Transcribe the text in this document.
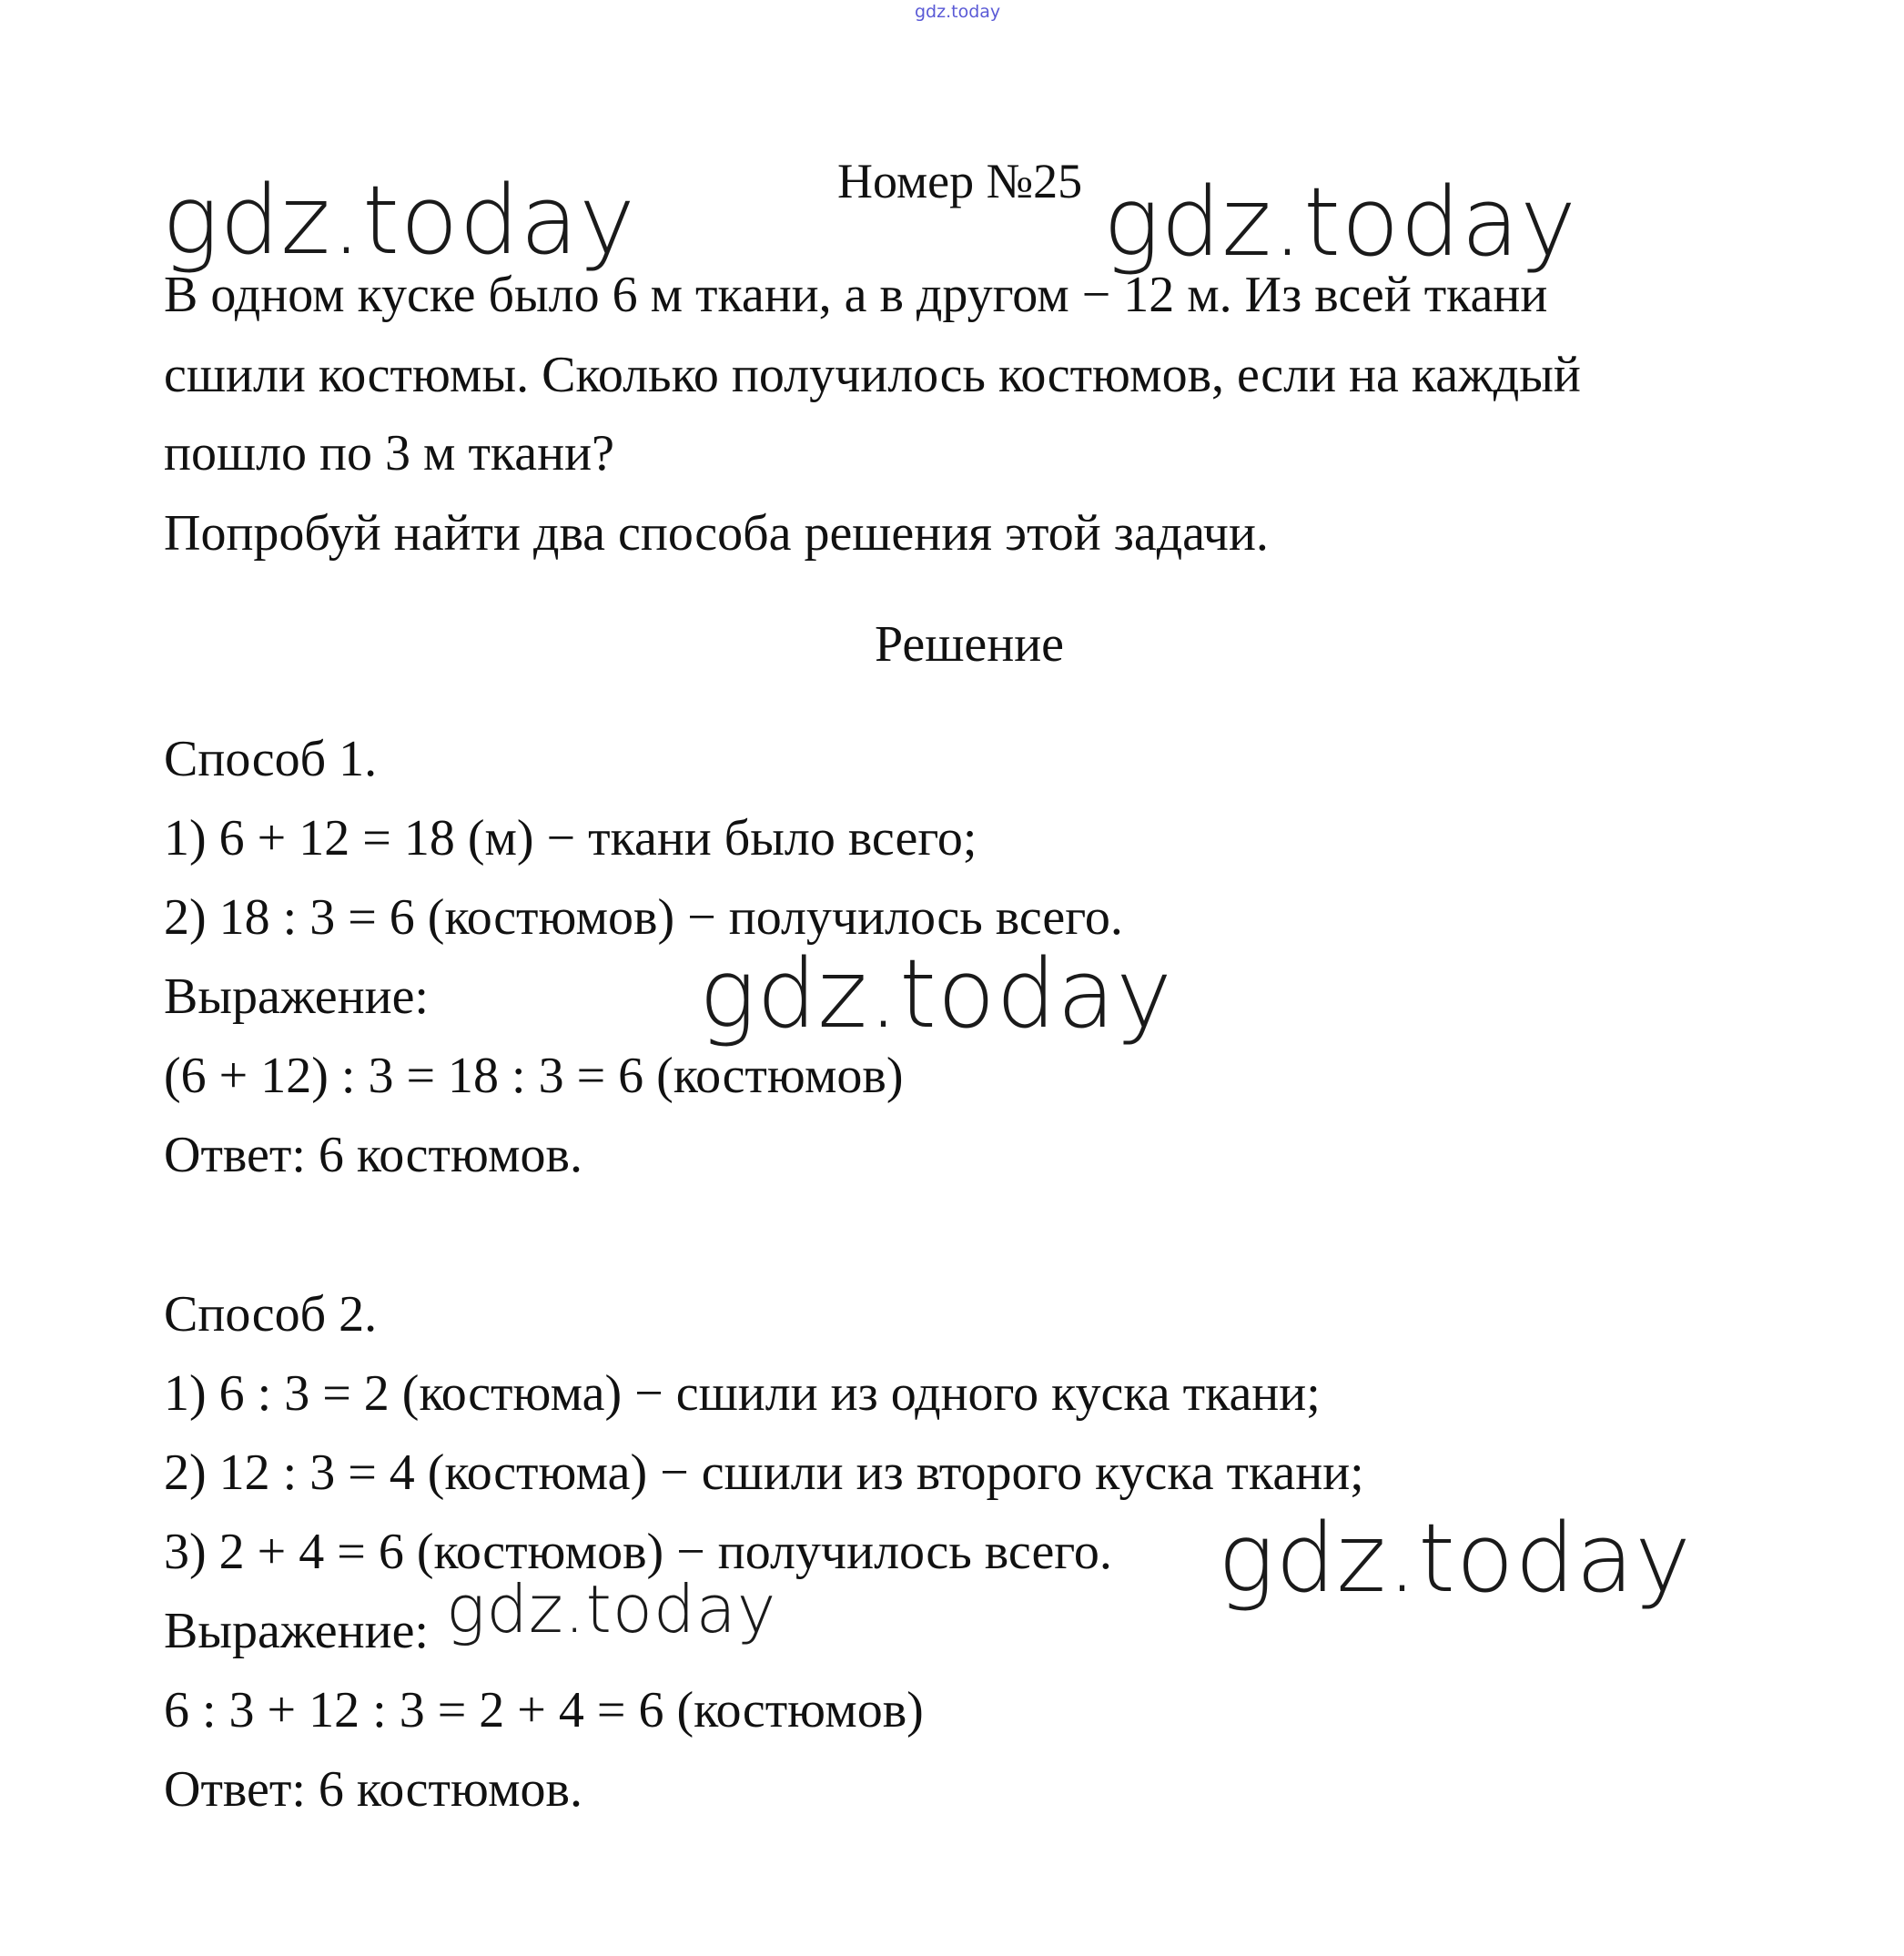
gdz.today
gdz.today	Номер №25 gdz.today
В одном куске было 6 м ткани, а в другом − 12 м. Из всей ткани
сшили костюмы. Сколько получилось костюмов, если на каждый
пошло по 3 м ткани?
Попробуй найти два способа решения этой задачи.
Решение
Способ 1.
1) 6 + 12 = 18 (м) − ткани было всего;
2) 18 : 3 = 6 (костюмов) − получилось всего.
Выражение:	gdz.today
(6 + 12) : 3 = 18 : 3 = 6 (костюмов)
Ответ: 6 костюмов.
Способ 2.
1) 6 : 3 = 2 (костюма) − сшили из одного куска ткани;
2) 12 : 3 = 4 (костюма) − сшили из второго куска ткани;
3) 2 + 4 = 6 (костюмов) − получилось всего. gdz.today
Выражение: gdz.today
6 : 3 + 12 : 3 = 2 + 4 = 6 (костюмов)
Ответ: 6 костюмов.
